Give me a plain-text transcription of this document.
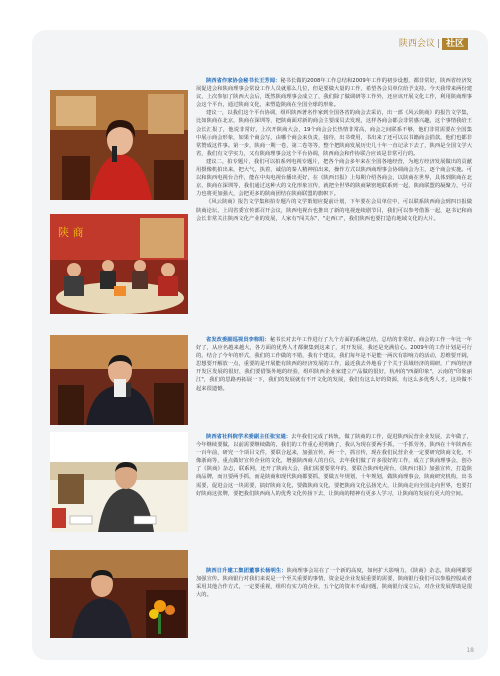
陕西会议 | 社区
陕 商

陕西省作家协会秘书长王芳闻：秘书长做的2008年工作总结和2009年工作的初步设想，都非常好，陕西省经济发展促进会和陕商理事会常设工作人员就那么几位，但是要做大量的工作，希望各会员单位给予支持。今天我带来两份建议，上次参加了陕西大会后，既然陕商理事会成立了，我们除了做调研等工作外，还应该开展文化工作，利用陕商理事会这个平台，通过陕商文化，来塑造陕商在全国全球的形象。

建议一，以我们这个平台协调，组织陕西著名作家到全国各省的商会去采访，出一部《风云陕商》的报告文学集，比如陕商在北京，陕商在深圳等，把陕商面对新的商会主要成员去发现，这样各商会都会非常感兴趣，这个事情我给王会长汇报了，他说非常好，上次开陕商大会，19个商会会长热情非常高，商会之间联系不够，他们非常需要在全国集中展示商会形象，如果个商会写，由哪个商会来负责，接待，出书费用，书出来了还可以以书籍商会捐款，他们也都非常赞成这件事。第一步，陕商一期一卷，第二卷等等，整个把陕商发展历史几十年一直记录下去了，陕西是全国文学大省，我们有文学实力，又有陕商理事会这个平台协调，陕西商会和作协联合应该是非常可行的。

建议二，拍专题片，我们可以拍系列电视专题片，把各个商会多年来在全国各地经营，为地方经济发展做出的贡献用摄像机拍出来，把大气，执着，诚信的秦人精神拍出来，操作方式以陕西商理事会协调商会为主，逐个商会实施。可以和陕西电视台合作，能在中央电视台播出更好，在《陕西日报》上每期介绍各商会，以陕商在世界，具体到陕商在北京，陕商在深圳等，我们通过这种大的文化形象宣传，就把全世界的陕商紧密地联系到一起，陕商联盟的凝聚力，号召力也将更加强大，会把更多的陕商团结在陕商联盟的旗帜下。

《风云陕商》报告文学集和拍专题片的文学策划应提前计划，下年要在会员单位中，可以联系陕西商会到四日报做陕商论坛，上周省委宣传部召开会议，陕西电视台也推出了新的电视连续剧节目，我们可以参考借鉴一起，赵书记和商会长非常关注陕西文化产业的发展，人家有"闯关东"，"走西口"，我们陕西也要打造有地域文化的大片。

省发改委副巡视员李称阳：秘书长对去年工作进行了九个方面的系统总结，总结的非常好。商会的工作一年比一年好了，从应名越来越大，各方面的优秀人才都聚集到这来了，对开发展，我还是充满信心。2009年的工作计划是可行的，结合了今年的形式，我们的工作做的不错，我有个建议，我们每年是不是能一两次有影响力的活动，思维要开阔，思想要开解放一点，重要的是开展能有陕西的经济发展的工作，最近我去外地看了个关于县域经济的调研，广西的经济开发区发展的很好，我们要借鉴外地的经验，组织陕西企业家建立产品做的很好，杭州的"西湖印象"，云南的"印象丽江"，我们的思路再拓展一下，我们的发展就有不开文化的发展，我们有这么好的资源，有这么多优秀人才，这块做不起来很遗憾。

陕西省社科院学术委副主任张宝通：去年我们完成了转轨，做了陕商的工作，促进陕西民营企业发展，去年做了，今年继续要做，以前需要继续做的，我们的工作重心更明确了，我认为现在要两手抓，一手抓劳务，陕西在十年陕西在一百年前，研究一个项目文件，要联合起来，加强宣传，两一个，抓宣传，现在我们民营企业一定要研究陕商文化，不像浙商等，重点做好宣传企业的文化，增强陕西商人的自信，去年我们做了许多很好的工作，成立了陕商理事会，创办了《陕商》杂志，联系网，还开了陕商大会，我们需要要常年的，要联合陕西电视台，《陕西日报》加强宣传，打造陕商品牌，而且要两手抓，而是陕商和现代陕商都要抓，要做五年规划，十年规划，做陕商理事会，陕商研究机构，出书需要，促进会这一块需要，搞好陕商文化，要做陕商文化，要把陕商文化弘扬光大，让陕商走向全国走向世界，也要打好陕商这张牌，要把我们陕西商人的优秀文化传扬下去，让陕商的精神有更多人学习，让陕商的发展有更大的空间。

陕西日升建工集团董事长杨明生：陕商理事会站在了一个新的高度，如何扩大影响力，《陕商》杂志，陕商网都要加强宣传。陕商银行对我们来说是一个至关重要的事情，资金是企业发展重要的需要，陕商银行我们可以参股控股或者采用其他合作方式，一定要重视，组织有实力的企业，五个亿的资本不成问题，陕商银行成立后，对企业发展帮助是很大的。

18
